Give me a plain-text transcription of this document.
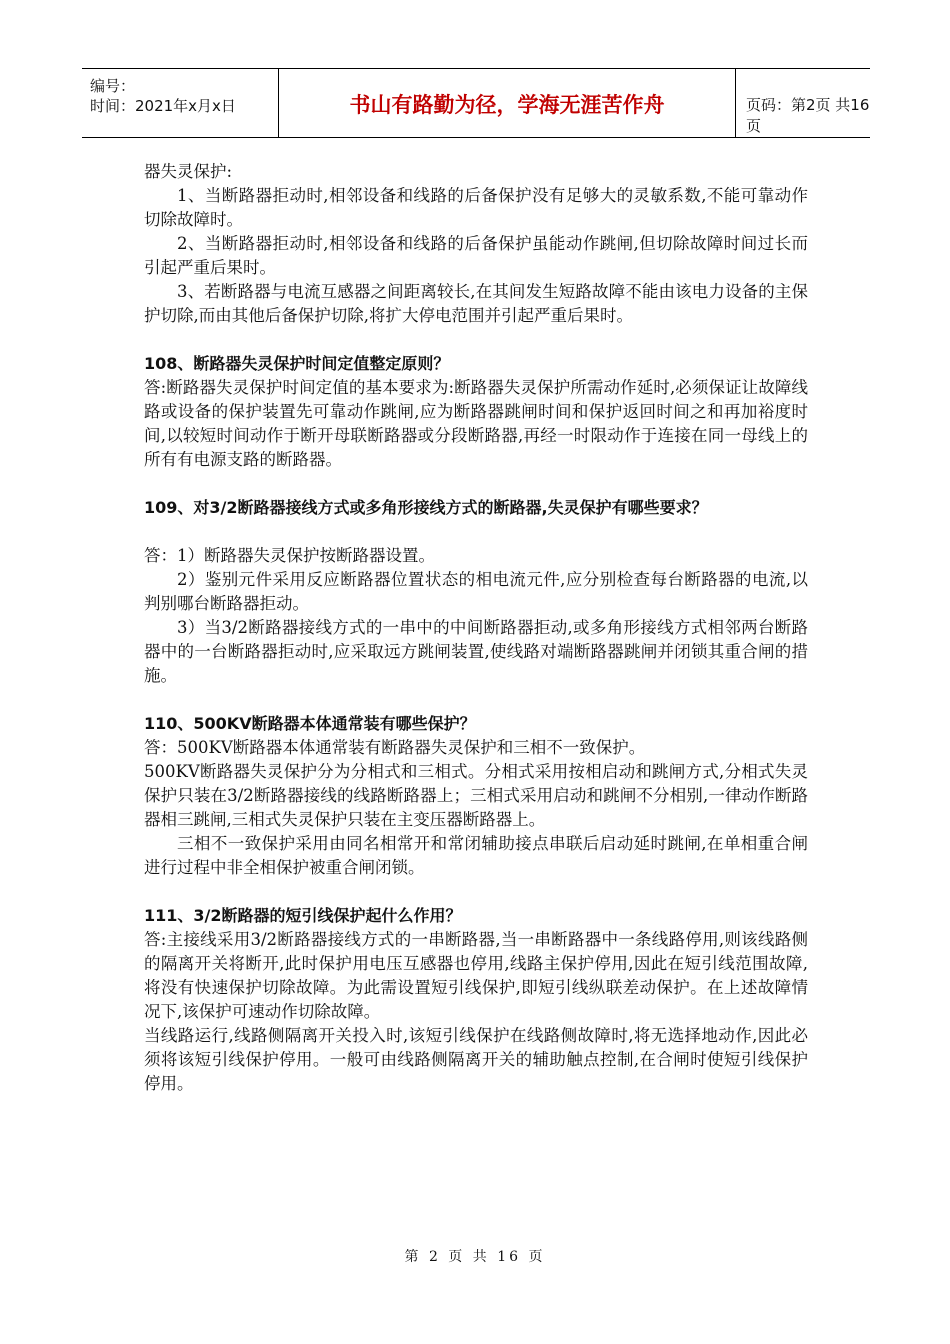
编号：
时间：2021年x月x日	书山有路勤为径，学海无涯苦作舟	页码：第2页 共16页

器失灵保护:

1、当断路器拒动时,相邻设备和线路的后备保护没有足够大的灵敏系数,不能可靠动作切除故障时。

2、当断路器拒动时,相邻设备和线路的后备保护虽能动作跳闸,但切除故障时间过长而引起严重后果时。

3、若断路器与电流互感器之间距离较长,在其间发生短路故障不能由该电力设备的主保护切除,而由其他后备保护切除,将扩大停电范围并引起严重后果时。

108、断路器失灵保护时间定值整定原则？

答:断路器失灵保护时间定值的基本要求为:断路器失灵保护所需动作延时,必须保证让故障线路或设备的保护装置先可靠动作跳闸,应为断路器跳闸时间和保护返回时间之和再加裕度时间,以较短时间动作于断开母联断路器或分段断路器,再经一时限动作于连接在同一母线上的所有有电源支路的断路器。

109、对3/2断路器接线方式或多角形接线方式的断路器,失灵保护有哪些要求？

答：1）断路器失灵保护按断路器设置。

2）鉴别元件采用反应断路器位置状态的相电流元件,应分别检查每台断路器的电流,以判别哪台断路器拒动。

3）当3/2断路器接线方式的一串中的中间断路器拒动,或多角形接线方式相邻两台断路器中的一台断路器拒动时,应采取远方跳闸装置,使线路对端断路器跳闸并闭锁其重合闸的措施。

110、500KV断路器本体通常装有哪些保护？

答：500KV断路器本体通常装有断路器失灵保护和三相不一致保护。

500KV断路器失灵保护分为分相式和三相式。分相式采用按相启动和跳闸方式,分相式失灵保护只装在3/2断路器接线的线路断路器上；三相式采用启动和跳闸不分相别,一律动作断路器相三跳闸,三相式失灵保护只装在主变压器断路器上。

三相不一致保护采用由同名相常开和常闭辅助接点串联后启动延时跳闸,在单相重合闸进行过程中非全相保护被重合闸闭锁。

111、3/2断路器的短引线保护起什么作用？

答:主接线采用3/2断路器接线方式的一串断路器,当一串断路器中一条线路停用,则该线路侧的隔离开关将断开,此时保护用电压互感器也停用,线路主保护停用,因此在短引线范围故障,将没有快速保护切除故障。为此需设置短引线保护,即短引线纵联差动保护。在上述故障情况下,该保护可速动作切除故障。

当线路运行,线路侧隔离开关投入时,该短引线保护在线路侧故障时,将无选择地动作,因此必须将该短引线保护停用。一般可由线路侧隔离开关的辅助触点控制,在合闸时使短引线保护停用。

第 2 页 共 16 页
